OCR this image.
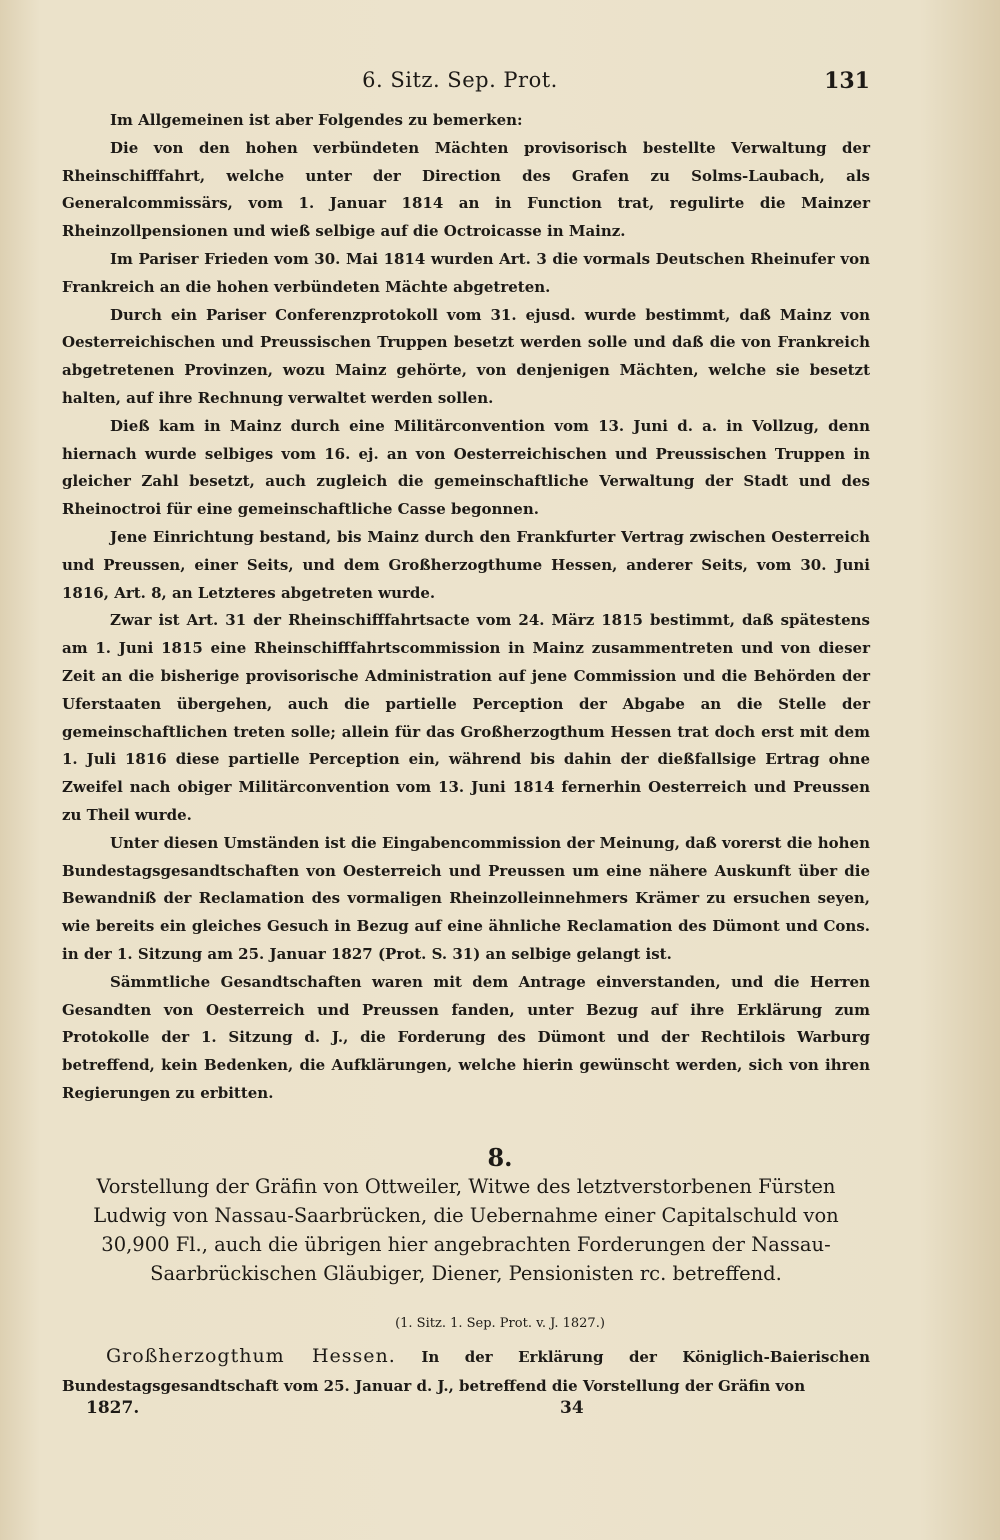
6. Sitz. Sep. Prot.	131

Im Allgemeinen ist aber Folgendes zu bemerken:

Die von den hohen verbündeten Mächten provisorisch bestellte Verwaltung der Rheinschifffahrt, welche unter der Direction des Grafen zu Solms-Laubach, als Generalcommissärs, vom 1. Januar 1814 an in Function trat, regulirte die Mainzer Rheinzollpensionen und wieß selbige auf die Octroicasse in Mainz.

Im Pariser Frieden vom 30. Mai 1814 wurden Art. 3 die vormals Deutschen Rheinufer von Frankreich an die hohen verbündeten Mächte abgetreten.

Durch ein Pariser Conferenzprotokoll vom 31. ejusd. wurde bestimmt, daß Mainz von Oesterreichischen und Preussischen Truppen besetzt werden solle und daß die von Frankreich abgetretenen Provinzen, wozu Mainz gehörte, von denjenigen Mächten, welche sie besetzt halten, auf ihre Rechnung verwaltet werden sollen.

Dieß kam in Mainz durch eine Militärconvention vom 13. Juni d. a. in Vollzug, denn hiernach wurde selbiges vom 16. ej. an von Oesterreichischen und Preussischen Truppen in gleicher Zahl besetzt, auch zugleich die gemeinschaftliche Verwaltung der Stadt und des Rheinoctroi für eine gemeinschaftliche Casse begonnen.

Jene Einrichtung bestand, bis Mainz durch den Frankfurter Vertrag zwischen Oesterreich und Preussen, einer Seits, und dem Großherzogthume Hessen, anderer Seits, vom 30. Juni 1816, Art. 8, an Letzteres abgetreten wurde.

Zwar ist Art. 31 der Rheinschifffahrtsacte vom 24. März 1815 bestimmt, daß spätestens am 1. Juni 1815 eine Rheinschifffahrtscommission in Mainz zusammentreten und von dieser Zeit an die bisherige provisorische Administration auf jene Commission und die Behörden der Uferstaaten übergehen, auch die partielle Perception der Abgabe an die Stelle der gemeinschaftlichen treten solle; allein für das Großherzogthum Hessen trat doch erst mit dem 1. Juli 1816 diese partielle Perception ein, während bis dahin der dießfallsige Ertrag ohne Zweifel nach obiger Militärconvention vom 13. Juni 1814 fernerhin Oesterreich und Preussen zu Theil wurde.

Unter diesen Umständen ist die Eingabencommission der Meinung, daß vorerst die hohen Bundestagsgesandtschaften von Oesterreich und Preussen um eine nähere Auskunft über die Bewandniß der Reclamation des vormaligen Rheinzolleinnehmers Krämer zu ersuchen seyen, wie bereits ein gleiches Gesuch in Bezug auf eine ähnliche Reclamation des Dümont und Cons. in der 1. Sitzung am 25. Januar 1827 (Prot. S. 31) an selbige gelangt ist.

Sämmtliche Gesandtschaften waren mit dem Antrage einverstanden, und die Herren Gesandten von Oesterreich und Preussen fanden, unter Bezug auf ihre Erklärung zum Protokolle der 1. Sitzung d. J., die Forderung des Dümont und der Rechtilois Warburg betreffend, kein Bedenken, die Aufklärungen, welche hierin gewünscht werden, sich von ihren Regierungen zu erbitten.

8.
Vorstellung der Gräfin von Ottweiler, Witwe des letztverstorbenen Fürsten Ludwig von Nassau-Saarbrücken, die Uebernahme einer Capitalschuld von 30,900 Fl., auch die übrigen hier angebrachten Forderungen der Nassau-Saarbrückischen Gläubiger, Diener, Pensionisten rc. betreffend.
(1. Sitz. 1. Sep. Prot. v. J. 1827.)
Großherzogthum Hessen. In der Erklärung der Königlich-Baierischen Bundestagsgesandtschaft vom 25. Januar d. J., betreffend die Vorstellung der Gräfin von
1827.	34
